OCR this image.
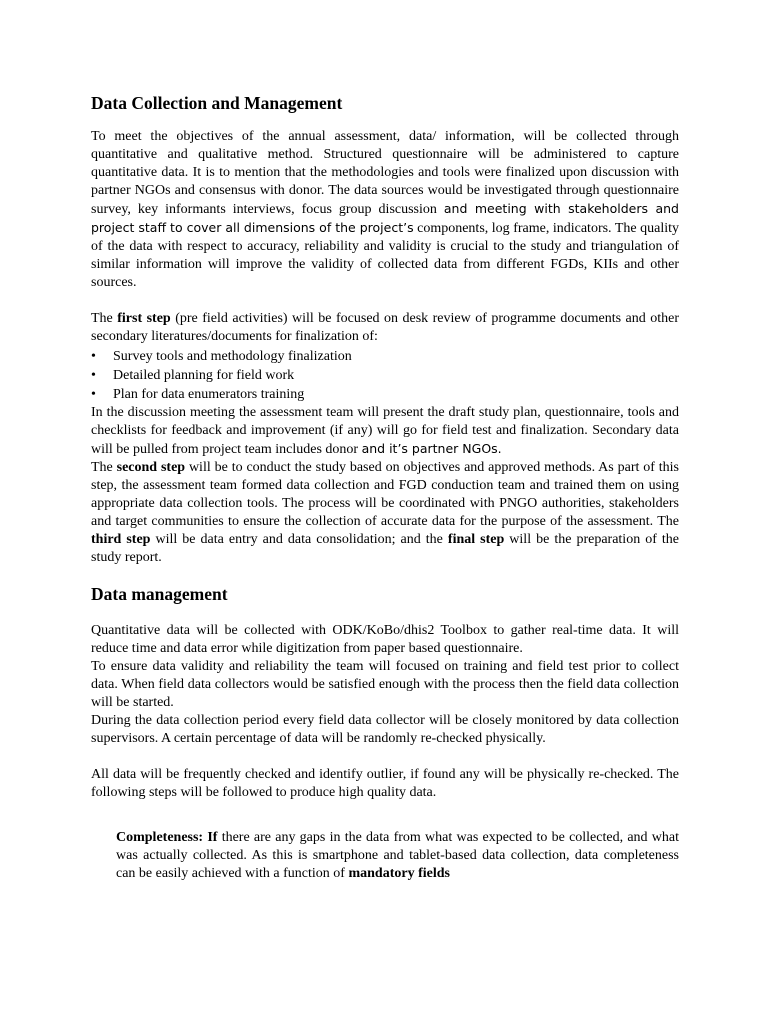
Data Collection and Management

To meet the objectives of the annual assessment, data/ information, will be collected through quantitative and qualitative method. Structured questionnaire will be administered to capture quantitative data. It is to mention that the methodologies and tools were finalized upon discussion with partner NGOs and consensus with donor. The data sources would be investigated through questionnaire survey, key informants interviews, focus group discussion and meeting with stakeholders and project staff to cover all dimensions of the project’s components, log frame, indicators. The quality of the data with respect to accuracy, reliability and validity is crucial to the study and triangulation of similar information will improve the validity of collected data from different FGDs, KIIs and other sources.

The first step (pre field activities) will be focused on desk review of programme documents and other secondary literatures/documents for finalization of:

• Survey tools and methodology finalization
• Detailed planning for field work
• Plan for data enumerators training

In the discussion meeting the assessment team will present the draft study plan, questionnaire, tools and checklists for feedback and improvement (if any) will go for field test and finalization. Secondary data will be pulled from project team includes donor and it’s partner NGOs.

The second step will be to conduct the study based on objectives and approved methods. As part of this step, the assessment team formed data collection and FGD conduction team and trained them on using appropriate data collection tools. The process will be coordinated with PNGO authorities, stakeholders and target communities to ensure the collection of accurate data for the purpose of the assessment. The third step will be data entry and data consolidation; and the final step will be the preparation of the study report.

Data management

Quantitative data will be collected with ODK/KoBo/dhis2 Toolbox to gather real-time data. It will reduce time and data error while digitization from paper based questionnaire.

To ensure data validity and reliability the team will focused on training and field test prior to collect data. When field data collectors would be satisfied enough with the process then the field data collection will be started.

During the data collection period every field data collector will be closely monitored by data collection supervisors. A certain percentage of data will be randomly re-checked physically.

All data will be frequently checked and identify outlier, if found any will be physically re-checked. The following steps will be followed to produce high quality data.

Completeness: If there are any gaps in the data from what was expected to be collected, and what was actually collected. As this is smartphone and tablet-based data collection, data completeness can be easily achieved with a function of mandatory fields
